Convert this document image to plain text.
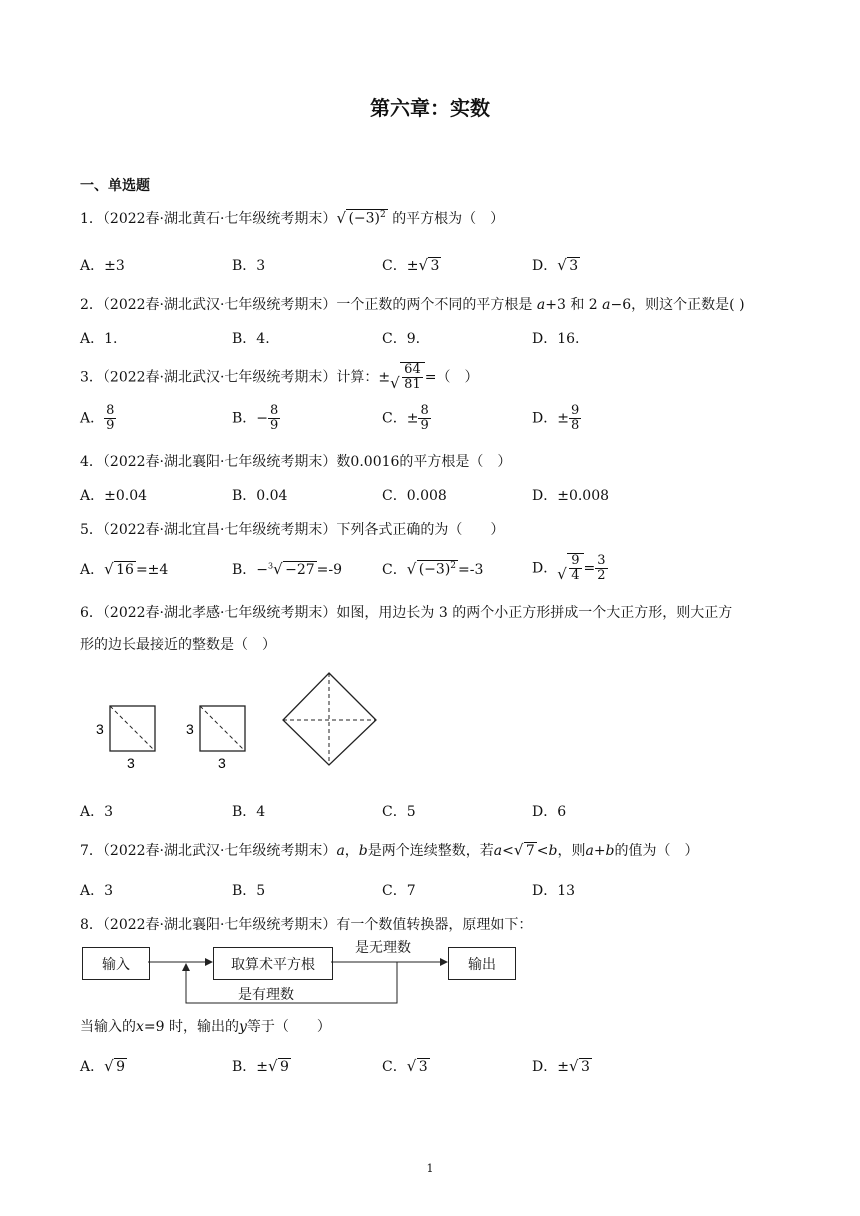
第六章：实数
一、单选题
1．（2022春·湖北黄石·七年级统考期末） √ $(-3)^2$ 的平方根为（　）
A．±3	B．3	C．± √ 3	D． √ 3
2．（2022春·湖北武汉·七年级统考期末）一个正数的两个不同的平方根是 a+3 和 2 a−6，则这个正数是( )
A．1.	B．4.	C．9.	D．16.
3．（2022春·湖北武汉·七年级统考期末）计算：± √ $\frac{64}{81}$ =（　）
A． $\frac{8}{9}$	B．− $\frac{8}{9}$	C．± $\frac{8}{9}$	D．± $\frac{9}{8}$
4．（2022春·湖北襄阳·七年级统考期末）数0.0016的平方根是（　）
A．±0.04	B．0.04	C．0.008	D．±0.008
5．（2022春·湖北宜昌·七年级统考期末）下列各式正确的为（　　）
A． √ 16 =±4	B．−$^3$ √ −27 =-9	C． √ $(-3)^2 =-3$	D． √ $\frac{9}{4} = \frac{3}{2}$
6．（2022春·湖北孝感·七年级统考期末）如图，用边长为 3 的两个小正方形拼成一个大正方形，则大正方
形的边长最接近的整数是（　）
3
3
3
3
A．3	B．4	C．5	D．6
7．（2022春·湖北武汉·七年级统考期末）a，b是两个连续整数，若a< √ 7 <b，则a+b的值为（　）
A．3	B．5	C．7	D．13
8．（2022春·湖北襄阳·七年级统考期末）有一个数值转换器，原理如下：
输入	取算术平方根	输出
是无理数
是有理数
当输入的x=9 时，输出的y等于（　　）
A． √ 9	B．± √ 9	C． √ 3	D．± √ 3
1
